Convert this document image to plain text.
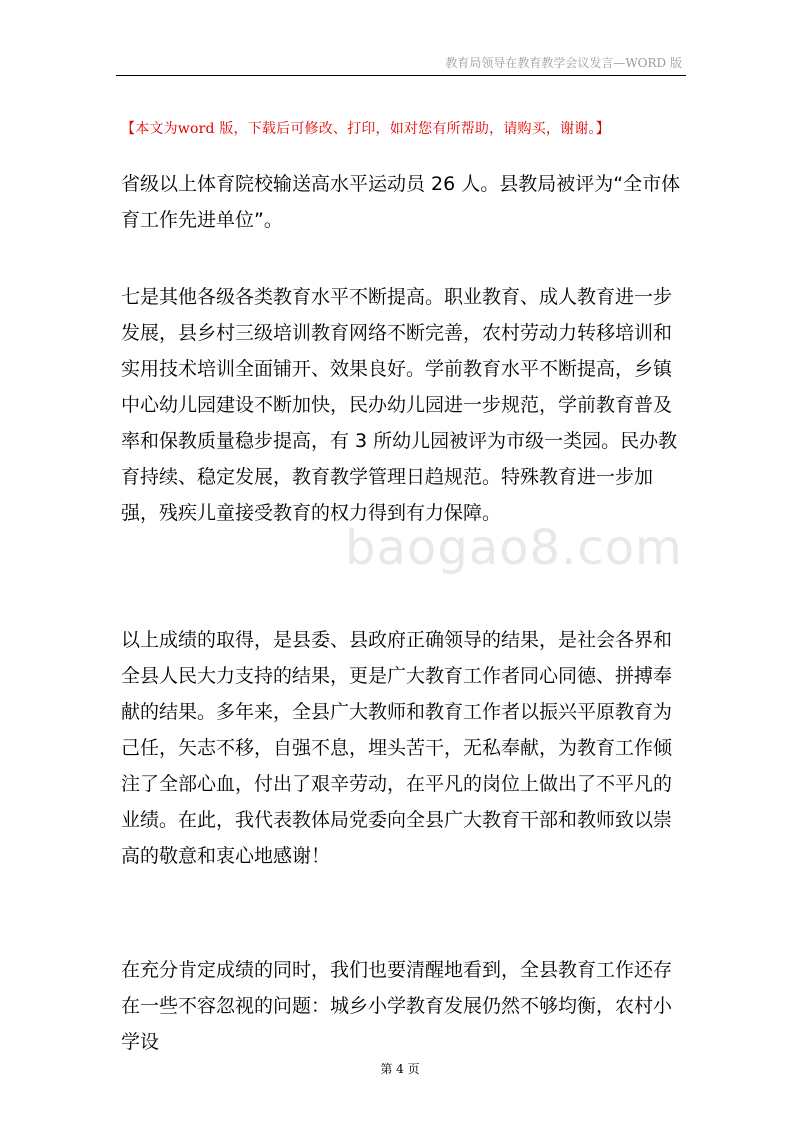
教育局领导在教育教学会议发言—WORD 版
【本文为word 版，下载后可修改、打印，如对您有所帮助，请购买，谢谢。】

省级以上体育院校输送高水平运动员 26 人。县教局被评为“全市体育工作先进单位”。

七是其他各级各类教育水平不断提高。职业教育、成人教育进一步发展，县乡村三级培训教育网络不断完善，农村劳动力转移培训和实用技术培训全面铺开、效果良好。学前教育水平不断提高，乡镇中心幼儿园建设不断加快，民办幼儿园进一步规范，学前教育普及率和保教质量稳步提高，有 3 所幼儿园被评为市级一类园。民办教育持续、稳定发展，教育教学管理日趋规范。特殊教育进一步加强，残疾儿童接受教育的权力得到有力保障。

以上成绩的取得，是县委、县政府正确领导的结果，是社会各界和全县人民大力支持的结果，更是广大教育工作者同心同德、拼搏奉献的结果。多年来，全县广大教师和教育工作者以振兴平原教育为己任，矢志不移，自强不息，埋头苦干，无私奉献，为教育工作倾注了全部心血，付出了艰辛劳动，在平凡的岗位上做出了不平凡的业绩。在此，我代表教体局党委向全县广大教育干部和教师致以崇高的敬意和衷心地感谢！

在充分肯定成绩的同时，我们也要清醒地看到，全县教育工作还存在一些不容忽视的问题：城乡小学教育发展仍然不够均衡，农村小学设

baogao8.com
第 4 页
